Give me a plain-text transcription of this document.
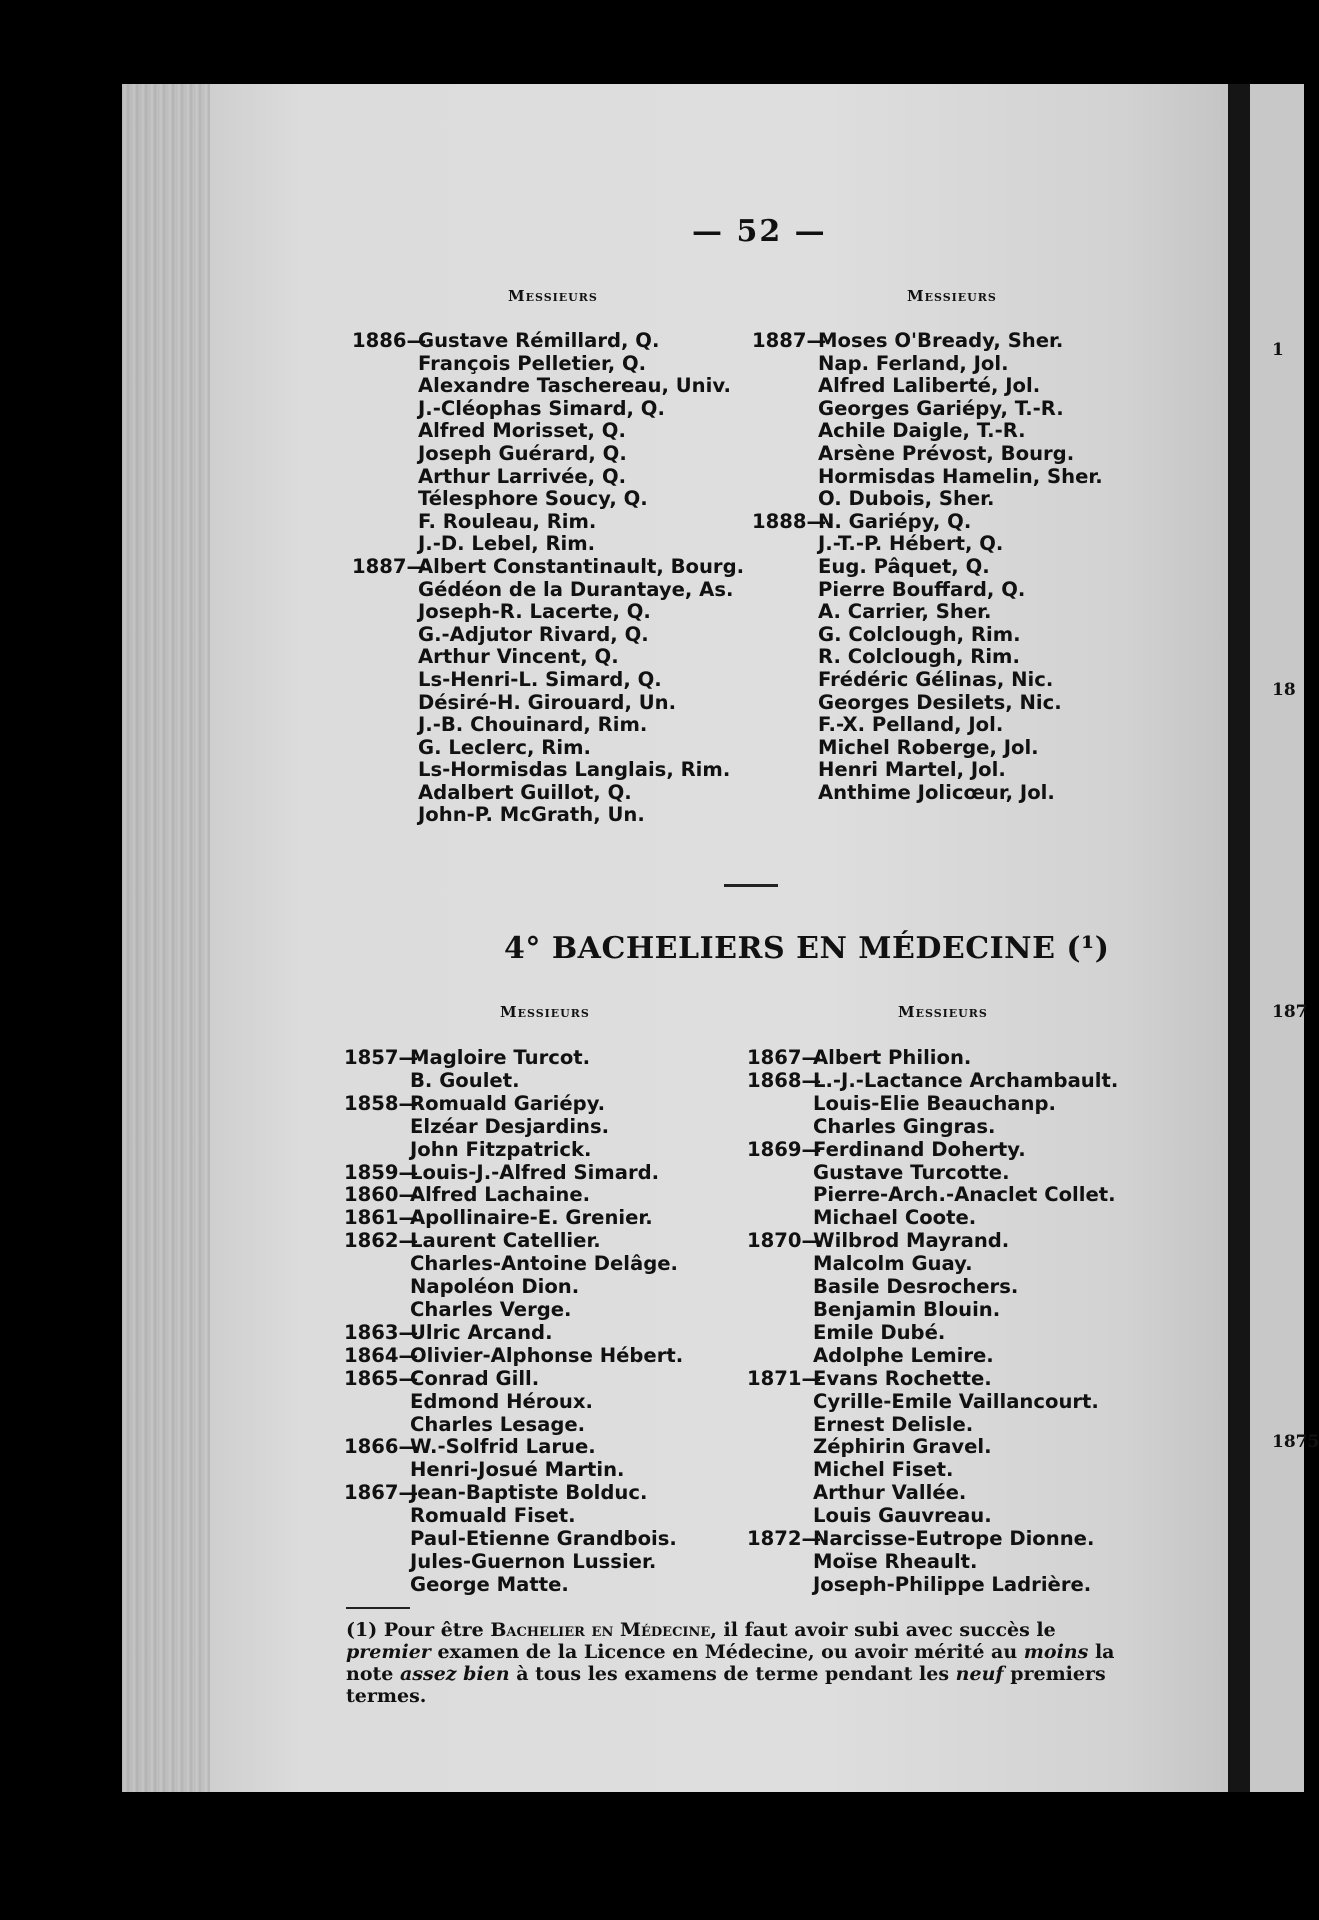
1
18
187
1875
— 52 —
Messieurs	Messieurs
1886—
Gustave Rémillard, Q.
François Pelletier, Q.
Alexandre Taschereau, Univ.
J.-Cléophas Simard, Q.
Alfred Morisset, Q.
Joseph Guérard, Q.
Arthur Larrivée, Q.
Télesphore Soucy, Q.
F. Rouleau, Rim.
J.-D. Lebel, Rim.
1887—
Albert Constantinault, Bourg.
Gédéon de la Durantaye, As.
Joseph-R. Lacerte, Q.
G.-Adjutor Rivard, Q.
Arthur Vincent, Q.
Ls-Henri-L. Simard, Q.
Désiré-H. Girouard, Un.
J.-B. Chouinard, Rim.
G. Leclerc, Rim.
Ls-Hormisdas Langlais, Rim.
Adalbert Guillot, Q.
John-P. McGrath, Un.
1887—
Moses O'Bready, Sher.
Nap. Ferland, Jol.
Alfred Laliberté, Jol.
Georges Gariépy, T.-R.
Achile Daigle, T.-R.
Arsène Prévost, Bourg.
Hormisdas Hamelin, Sher.
O. Dubois, Sher.
1888—
N. Gariépy, Q.
J.-T.-P. Hébert, Q.
Eug. Pâquet, Q.
Pierre Bouffard, Q.
A. Carrier, Sher.
G. Colclough, Rim.
R. Colclough, Rim.
Frédéric Gélinas, Nic.
Georges Desilets, Nic.
F.-X. Pelland, Jol.
Michel Roberge, Jol.
Henri Martel, Jol.
Anthime Jolicœur, Jol.
4° BACHELIERS EN MÉDECINE (¹)
Messieurs	Messieurs
1857—
Magloire Turcot.
B. Goulet.
1858—
Romuald Gariépy.
Elzéar Desjardins.
John Fitzpatrick.
1859—
Louis-J.-Alfred Simard.
1860—
Alfred Lachaine.
1861—
Apollinaire-E. Grenier.
1862—
Laurent Catellier.
Charles-Antoine Delâge.
Napoléon Dion.
Charles Verge.
1863—
Ulric Arcand.
1864—
Olivier-Alphonse Hébert.
1865—
Conrad Gill.
Edmond Héroux.
Charles Lesage.
1866—
W.-Solfrid Larue.
Henri-Josué Martin.
1867—
Jean-Baptiste Bolduc.
Romuald Fiset.
Paul-Etienne Grandbois.
Jules-Guernon Lussier.
George Matte.
1867—
Albert Philion.
1868—
L.-J.-Lactance Archambault.
Louis-Elie Beauchanp.
Charles Gingras.
1869—
Ferdinand Doherty.
Gustave Turcotte.
Pierre-Arch.-Anaclet Collet.
Michael Coote.
1870—
Wilbrod Mayrand.
Malcolm Guay.
Basile Desrochers.
Benjamin Blouin.
Emile Dubé.
Adolphe Lemire.
1871—
Evans Rochette.
Cyrille-Emile Vaillancourt.
Ernest Delisle.
Zéphirin Gravel.
Michel Fiset.
Arthur Vallée.
Louis Gauvreau.
1872—
Narcisse-Eutrope Dionne.
Moïse Rheault.
Joseph-Philippe Ladrière.
(1) Pour être Bachelier en Médecine, il faut avoir subi avec succès le premier examen de la Licence en Médecine, ou avoir mérité au moins la note assez bien à tous les examens de terme pendant les neuf premiers termes.
